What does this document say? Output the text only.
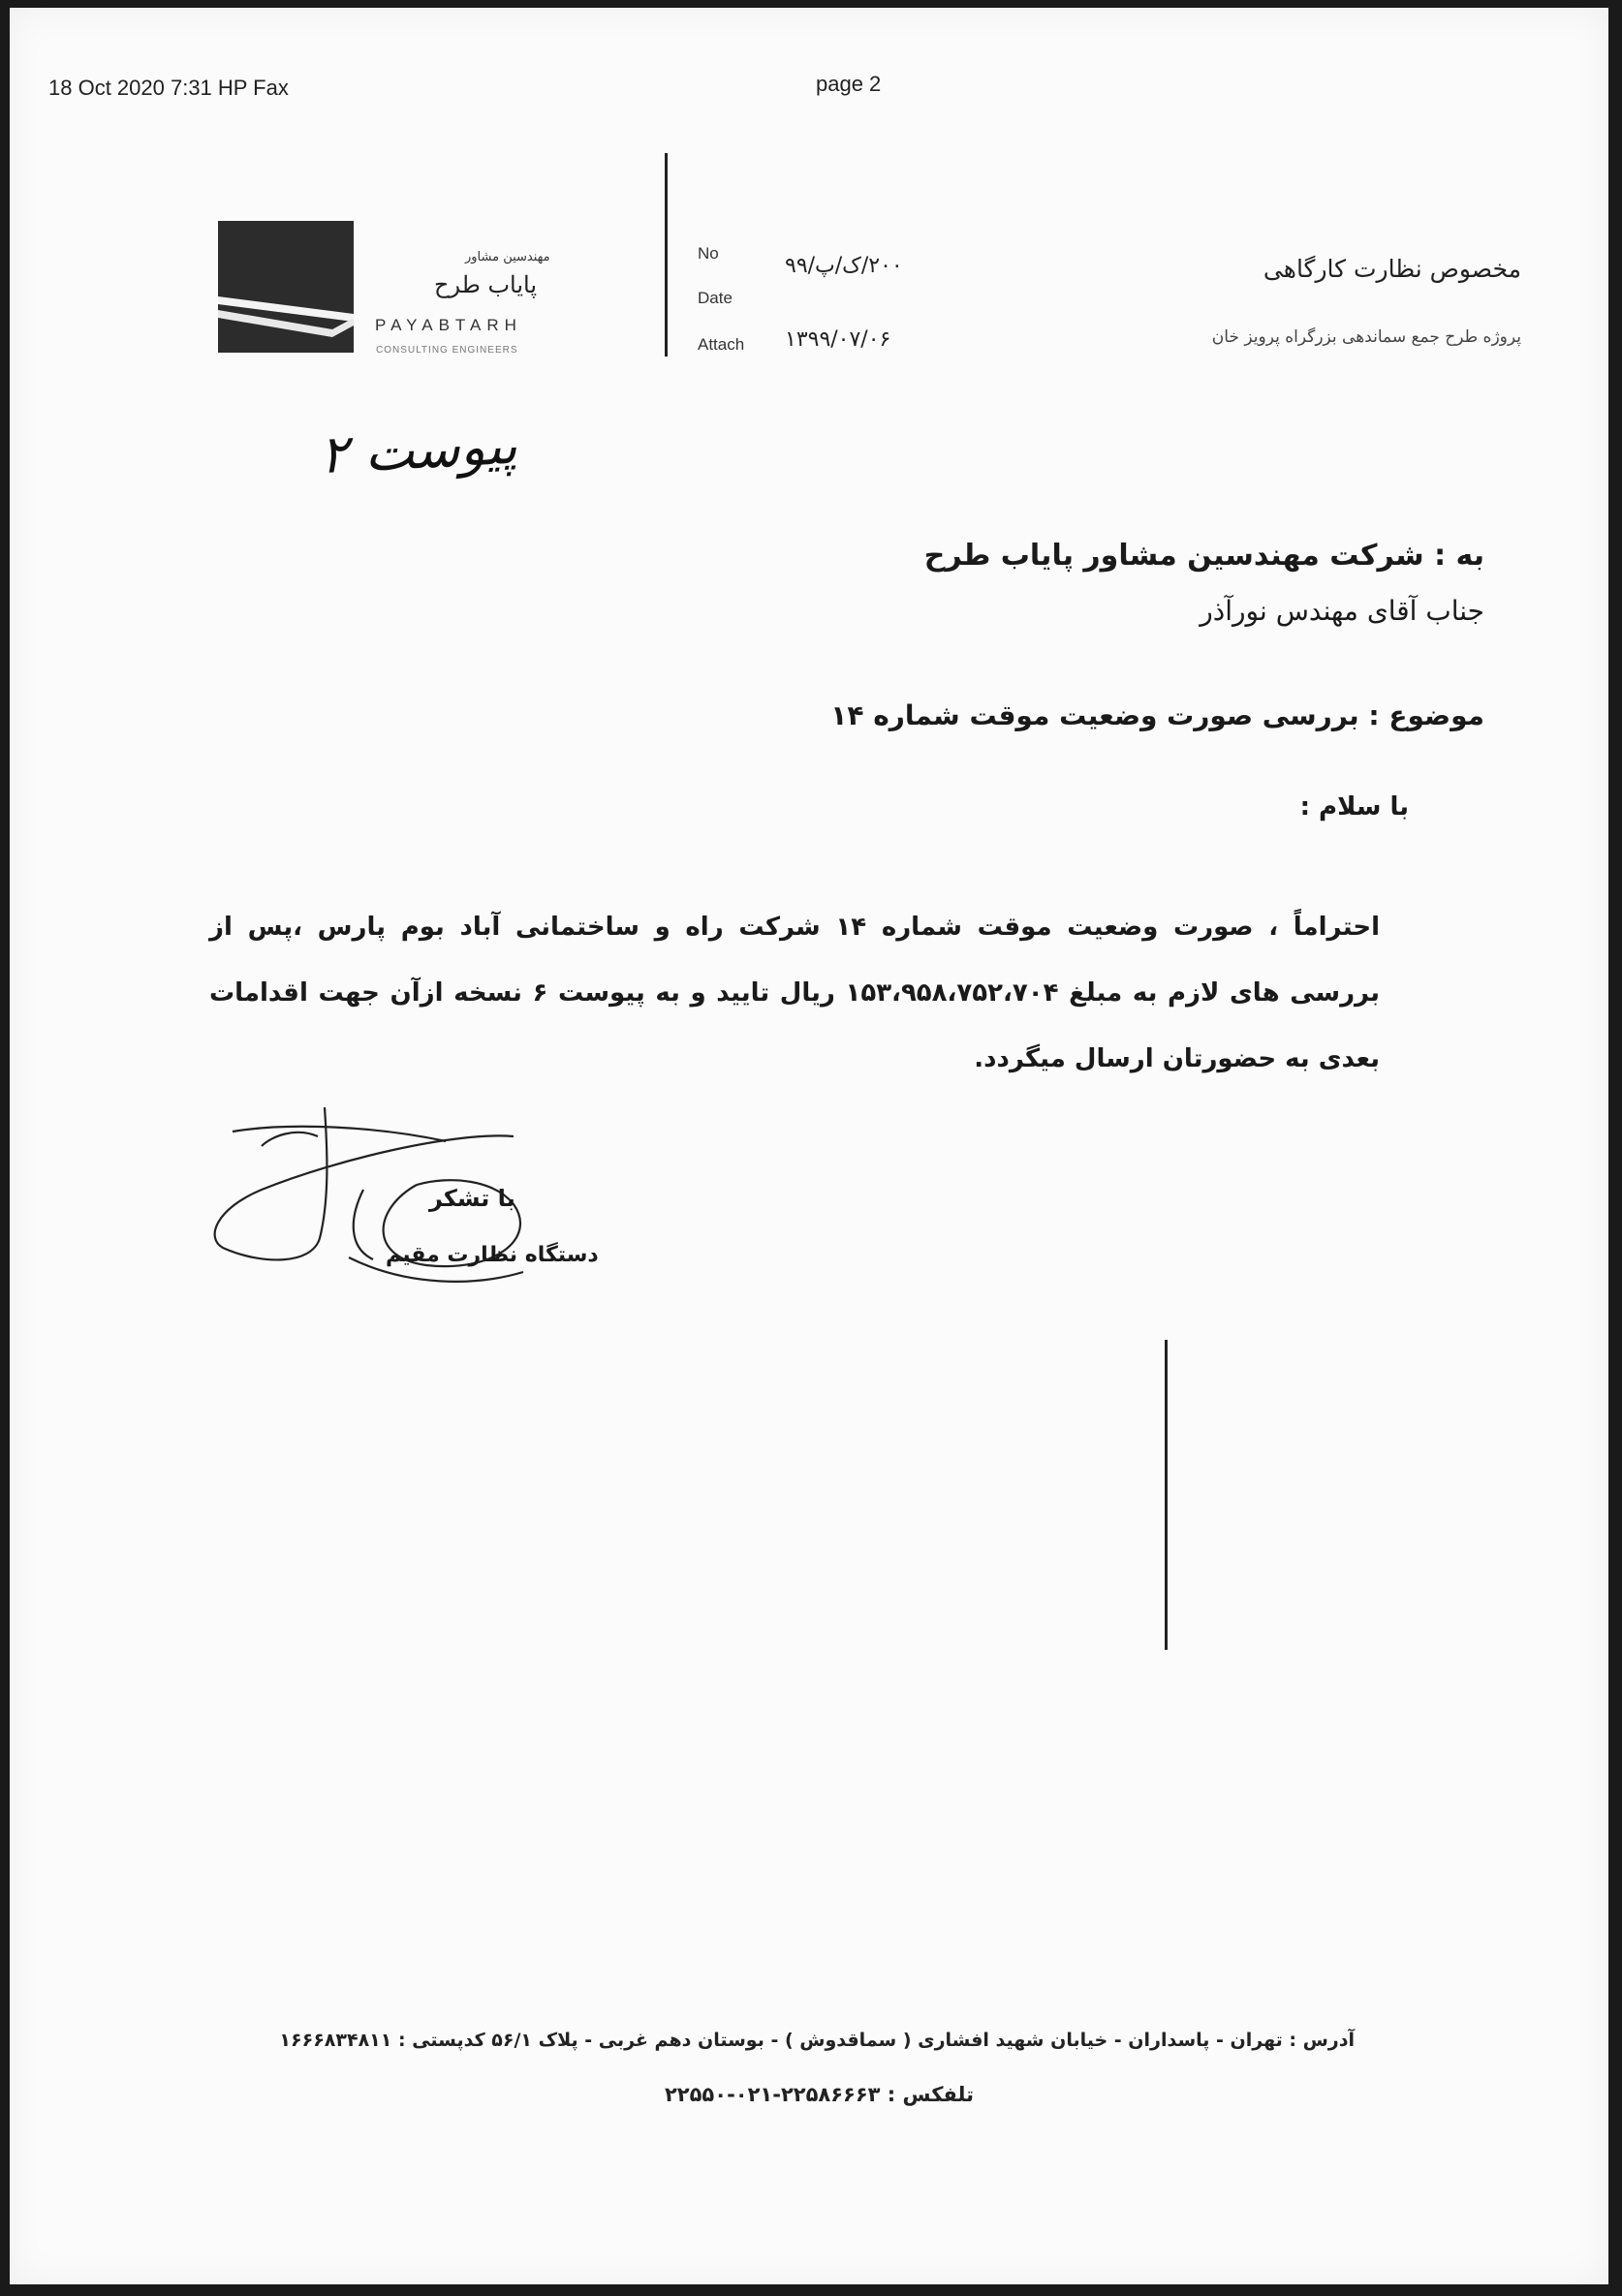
18 Oct 2020 7:31 HP Fax	page 2
مهندسین مشاور
پاياب طرح
PAYABTARH
CONSULTING ENGINEERS
No
Date
Attach
۲۰۰/ک/پ/۹۹
۱۳۹۹/۰۷/۰۶
مخصوص نظارت کارگاهی
پروژه طرح جمع سماندهی بزرگراه پرویز خان
پیوست ۲
به : شرکت مهندسین مشاور پایاب طرح
جناب آقای مهندس نورآذر
موضوع : بررسی صورت وضعیت موقت شماره ۱۴
با سلام :
احتراماً ، صورت وضعیت موقت شماره ۱۴ شرکت راه و ساختمانی آباد بوم پارس ،پس از بررسی های لازم به مبلغ ۱۵۳،۹۵۸،۷۵۲،۷۰۴ ریال تایید و به پیوست ۶ نسخه ازآن جهت اقدامات بعدی به حضورتان ارسال میگردد.
با تشکر
دستگاه نظارت مقیم
آدرس : تهران - پاسداران - خیابان شهید افشاری ( سماقدوش ) - بوستان دهم غربی - پلاک ۵۶/۱ کدپستی : ۱۶۶۶۸۳۴۸۱۱
تلفکس : ۲۲۵۸۶۶۶۳-۰۲۱-۲۲۵۵۰
